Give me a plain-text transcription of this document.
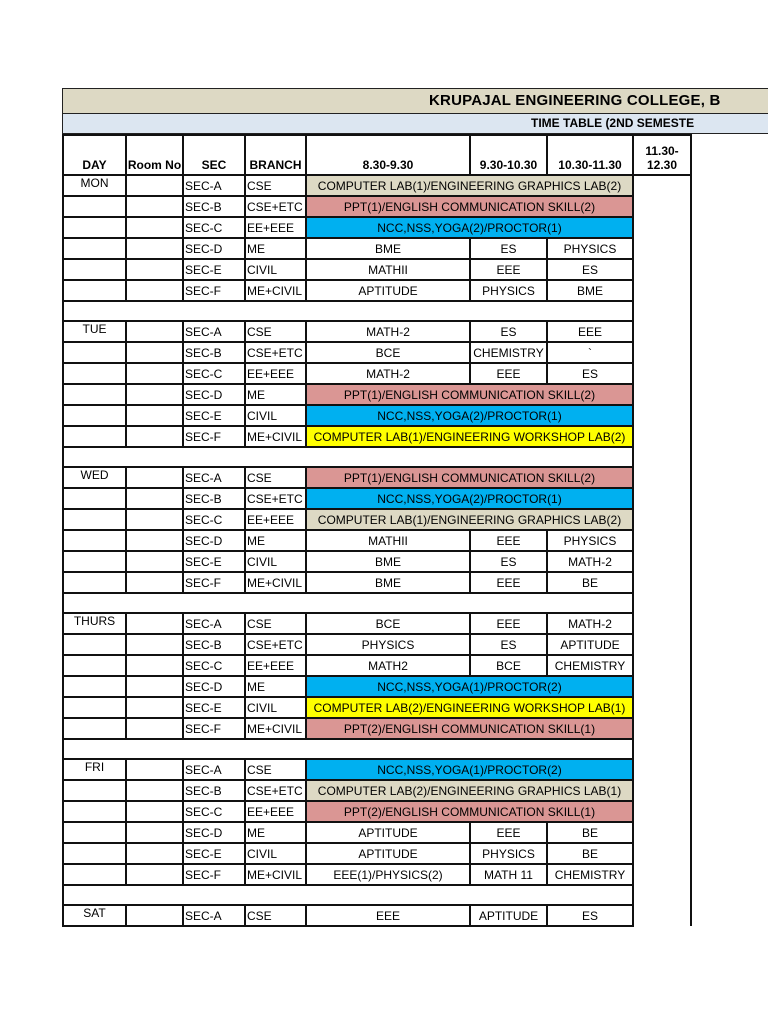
KRUPAJAL ENGINEERING COLLEGE, B
TIME TABLE (2ND SEMESTE
DAY	Room No	SEC	BRANCH	8.30-9.30	9.30-10.30	10.30-11.30	11.30-
12.30
MON		SEC-A	CSE	COMPUTER LAB(1)/ENGINEERING GRAPHICS LAB(2)			
		SEC-B	CSE+ETC	PPT(1)/ENGLISH COMMUNICATION SKILL(2)			
		SEC-C	EE+EEE	NCC,NSS,YOGA(2)/PROCTOR(1)			
		SEC-D	ME	BME	ES	PHYSICS	
		SEC-E	CIVIL	MATHII	EEE	ES	
		SEC-F	ME+CIVIL	APTITUDE	PHYSICS	BME	

TUE		SEC-A	CSE	MATH-2	ES	EEE	
		SEC-B	CSE+ETC	BCE	CHEMISTRY	`	
		SEC-C	EE+EEE	MATH-2	EEE	ES	
		SEC-D	ME	PPT(1)/ENGLISH COMMUNICATION SKILL(2)			
		SEC-E	CIVIL	NCC,NSS,YOGA(2)/PROCTOR(1)			
		SEC-F	ME+CIVIL	COMPUTER LAB(1)/ENGINEERING WORKSHOP LAB(2)			

WED		SEC-A	CSE	PPT(1)/ENGLISH COMMUNICATION SKILL(2)			
		SEC-B	CSE+ETC	NCC,NSS,YOGA(2)/PROCTOR(1)			
		SEC-C	EE+EEE	COMPUTER LAB(1)/ENGINEERING GRAPHICS LAB(2)			
		SEC-D	ME	MATHII	EEE	PHYSICS	
		SEC-E	CIVIL	BME	ES	MATH-2	
		SEC-F	ME+CIVIL	BME	EEE	BE	

THURS		SEC-A	CSE	BCE	EEE	MATH-2	
		SEC-B	CSE+ETC	PHYSICS	ES	APTITUDE	
		SEC-C	EE+EEE	MATH2	BCE	CHEMISTRY	
		SEC-D	ME	NCC,NSS,YOGA(1)/PROCTOR(2)			
		SEC-E	CIVIL	COMPUTER LAB(2)/ENGINEERING WORKSHOP LAB(1)			
		SEC-F	ME+CIVIL	PPT(2)/ENGLISH COMMUNICATION SKILL(1)			

FRI		SEC-A	CSE	NCC,NSS,YOGA(1)/PROCTOR(2)			
		SEC-B	CSE+ETC	COMPUTER LAB(2)/ENGINEERING GRAPHICS LAB(1)			
		SEC-C	EE+EEE	PPT(2)/ENGLISH COMMUNICATION SKILL(1)			
		SEC-D	ME	APTITUDE	EEE	BE	
		SEC-E	CIVIL	APTITUDE	PHYSICS	BE	
		SEC-F	ME+CIVIL	EEE(1)/PHYSICS(2)	MATH 11	CHEMISTRY	

SAT		SEC-A	CSE	EEE	APTITUDE	ES	
